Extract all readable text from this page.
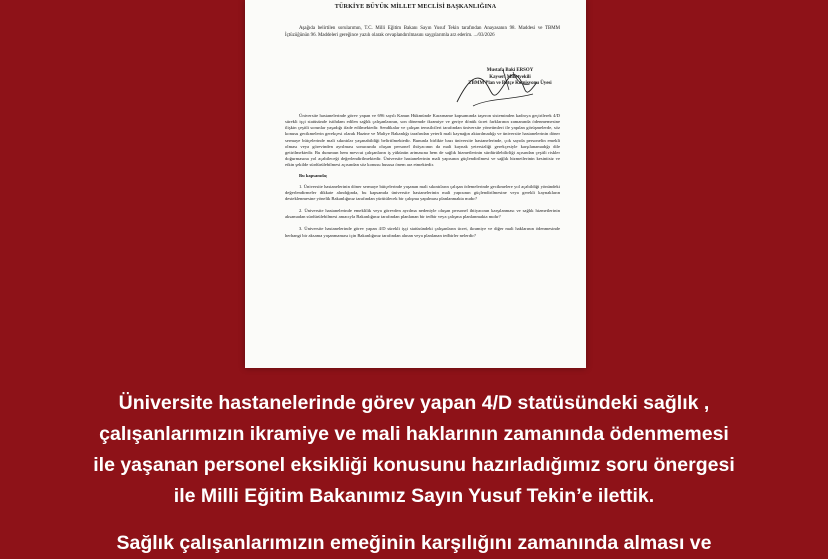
TÜRKİYE BÜYÜK MİLLET MECLİSİ BAŞKANLIĞINA
Aşağıda belirtilen sorularımın, T.C. Milli Eğitim Bakanı Sayın Yusuf Tekin tarafından Anayasanın 98. Maddesi ve TBMM İçtüzüğünün 96. Maddeleri gereğince yazılı olarak cevaplandırılmasını saygılarımla arz ederim. .../03/2026
Mustafa Baki ERSOY
Kayseri Milletvekili
TBMM Plan ve Bütçe Komisyonu Üyesi

Üniversite hastanelerinde görev yapan ve 696 sayılı Kanun Hükmünde Kararname kapsamında taşeron sisteminden kadroya geçirilerek 4/D sürekli işçi statüsünde istihdam edilen sağlık çalışanlarının, son dönemde ikramiye ve geriye dönük ücret farklarının zamanında ödenmemesine ilişkin çeşitli sorunlar yaşadığı ifade edilmektedir. Sendikalar ve çalışan temsilcileri tarafından üniversite yönetimleri ile yapılan görüşmelerde, söz konusu gecikmelerin gerekçesi olarak Hazine ve Maliye Bakanlığı tarafından yeterli mali kaynağın aktarılmadığı ve üniversite hastanelerinin döner sermaye bütçelerinde mali sıkıntılar yaşanabildiği belirtilmektedir. Bununla birlikte bazı üniversite hastanelerinde, çok sayıda personelin emekli olması veya görevinden ayrılması sonucunda oluşan personel ihtiyacının da mali kaynak yetersizliği gerekçesiyle karşılanamadığı dile getirilmektedir. Bu durumun hem mevcut çalışanların iş yükünün artmasına hem de sağlık hizmetlerinin sürdürülebilirliği açısından çeşitli riskler doğurmasına yol açabileceği değerlendirilmektedir. Üniversite hastanelerinin mali yapısının güçlendirilmesi ve sağlık hizmetlerinin kesintisiz ve etkin şekilde sürdürülebilmesi açısından söz konusu hususa önem arz etmektedir.

Bu kapsamda;

1. Üniversite hastanelerinin döner sermaye bütçelerinde yaşanan mali sıkıntıların çalışan ödemelerinde gecikmelere yol açabildiği yönündeki değerlendirmeler dikkate alındığında, bu kapsamda üniversite hastanelerinin mali yapısının güçlendirilmesine veya gerekli kaynakların desteklenmesine yönelik Bakanlığınız tarafından yürütülecek bir çalışma yapılması planlanmakta mıdır?

2. Üniversite hastanelerinde emeklilik veya görevden ayrılma nedeniyle oluşan personel ihtiyacının karşılanması ve sağlık hizmetlerinin aksamadan sürdürülebilmesi amacıyla Bakanlığınız tarafından planlanan bir tedbir veya çalışma planlanmakta mıdır?

3. Üniversite hastanelerinde görev yapan 4/D sürekli işçi statüsündeki çalışanların ücret, ikramiye ve diğer mali haklarının ödenmesinde herhangi bir aksama yaşanmaması için Bakanlığınız tarafından alınan veya planlanan tedbirler nelerdir?

Üniversite hastanelerinde görev yapan 4/D statüsündeki sağlık ,
çalışanlarımızın ikramiye ve mali haklarının zamanında ödenmemesi
ile yaşanan personel eksikliği konusunu hazırladığımız soru önergesi
ile Milli Eğitim Bakanımız Sayın Yusuf Tekin’e ilettik.
Sağlık çalışanlarımızın emeğinin karşılığını zamanında alması ve
